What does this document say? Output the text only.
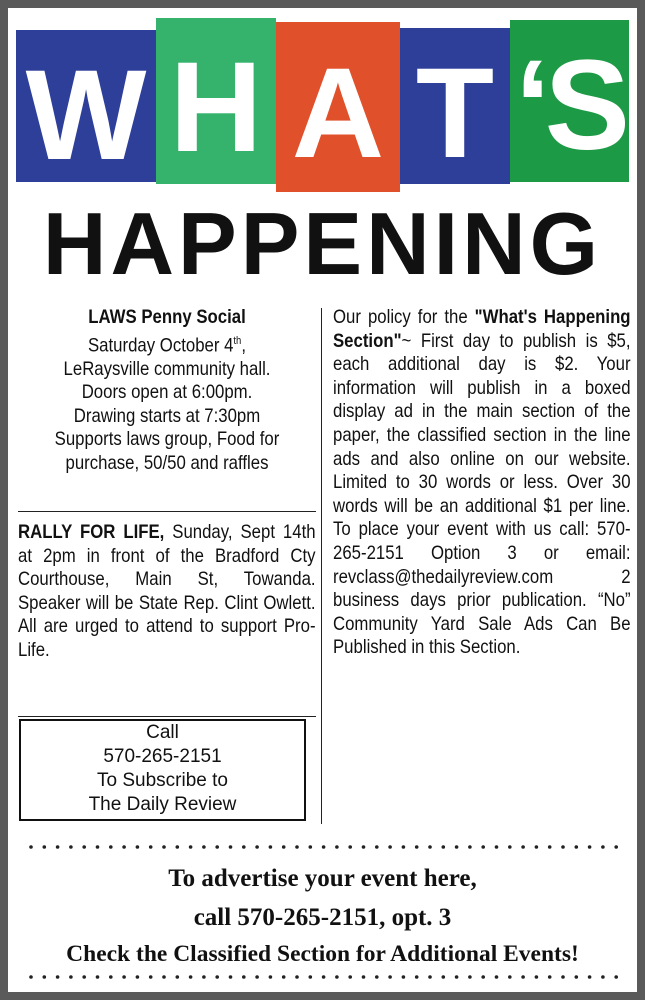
W H A T ‘S
HAPPENING
LAWS Penny Social
Saturday October 4th,
LeRaysville community hall.
Doors open at 6:00pm.
Drawing starts at 7:30pm
Supports laws group, Food for
purchase, 50/50 and raffles
RALLY FOR LIFE, Sunday, Sept 14th at 2pm in front of the Bradford Cty Courthouse, Main St, Towanda. Speaker will be State Rep. Clint Owlett. All are urged to attend to support Pro-Life.
Call
570-265-2151
To Subscribe to
The Daily Review
Our policy for the "What's Happening Section"~ First day to publish is $5, each additional day is $2. Your information will publish in a boxed display ad in the main section of the paper, the classified section in the line ads and also online on our website. Limited to 30 words or less. Over 30 words will be an additional $1 per line. To place your event with us call: 570-265-2151 Option 3 or email: revclass@thedailyreview.com 2 business days prior publication. “No” Community Yard Sale Ads Can Be Published in this Section.
To advertise your event here,
call 570-265-2151, opt. 3
Check the Classified Section for Additional Events!
